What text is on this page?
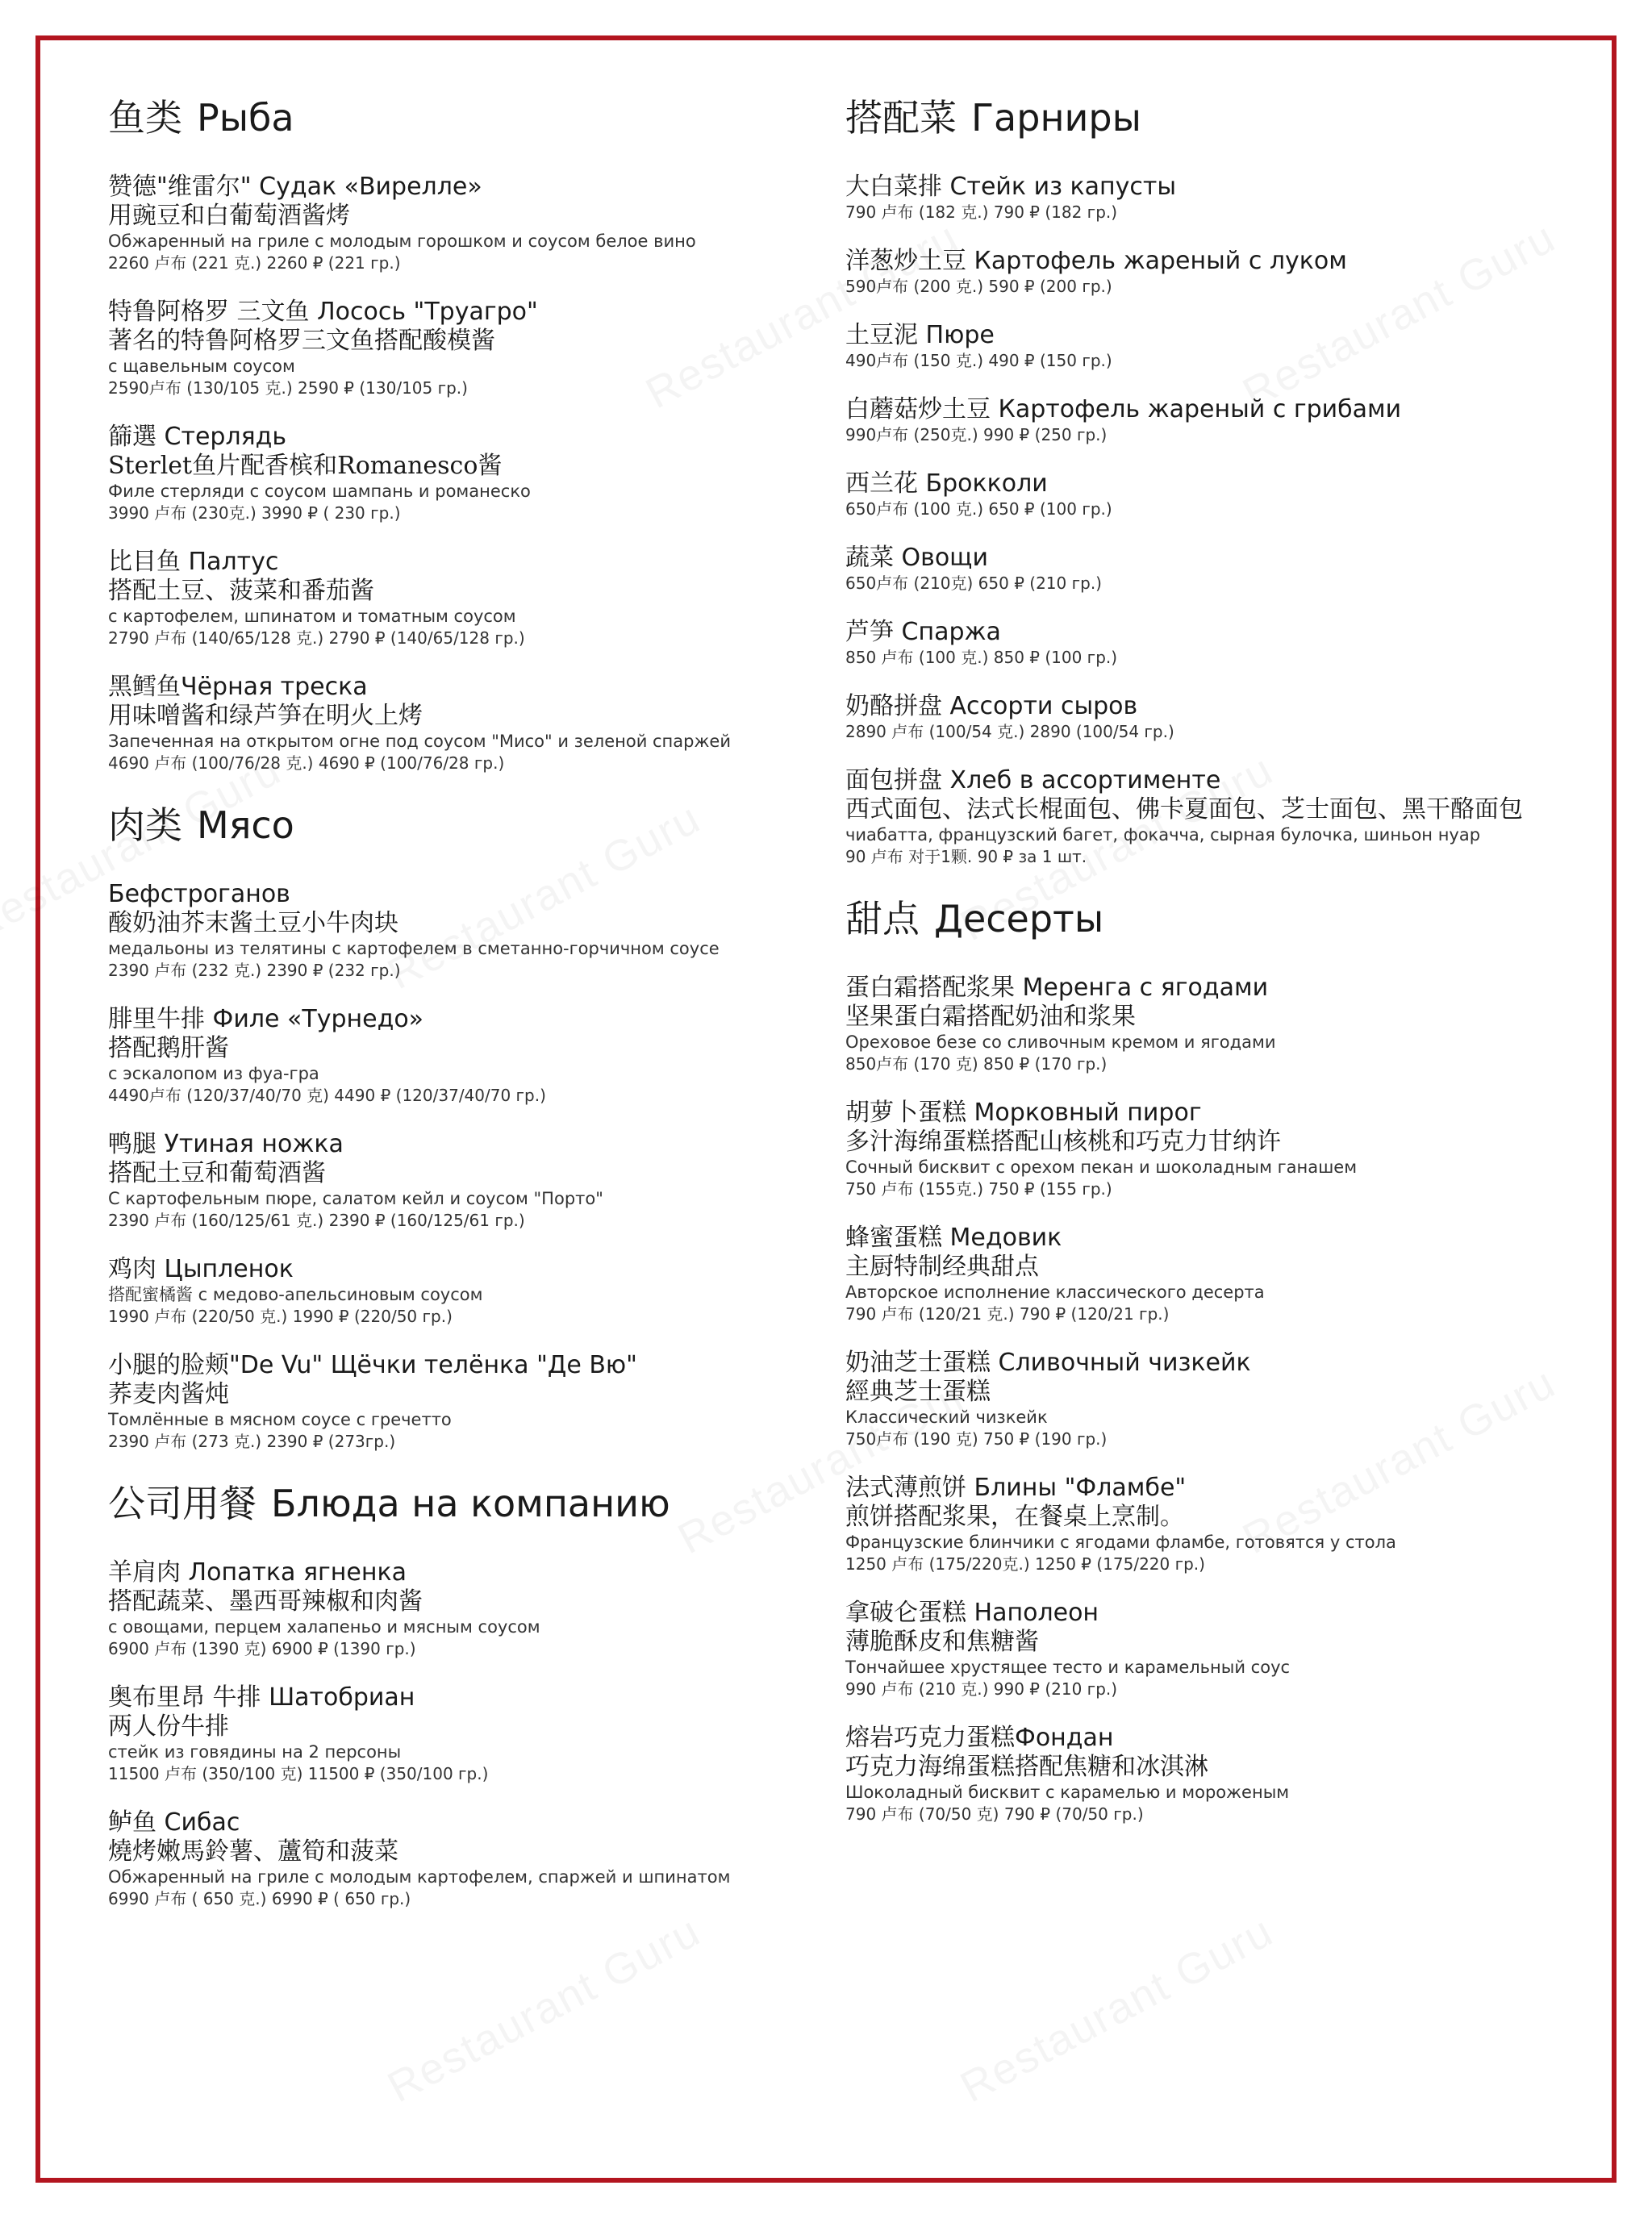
鱼类 Рыба
赞德"维雷尔" Судак «Вирелле»
用豌豆和白葡萄酒酱烤
Обжаренный на гриле с молодым горошком и соусом белое вино
2260 卢布 (221 克.) 2260 ₽ (221 гр.)
特鲁阿格罗 三文鱼 Лосось "Труагро"
著名的特鲁阿格罗三文鱼搭配酸模酱
с щавельным соусом
2590卢布 (130/105 克.) 2590 ₽ (130/105 гр.)
篩選 Стерлядь
Sterlet鱼片配香槟和Romanesco酱
Филе стерляди с соусом шампань и романеско
3990 卢布 (230克.) 3990 ₽ ( 230 гр.)
比目鱼 Палтус
搭配土豆、菠菜和番茄酱
с картофелем, шпинатом и томатным соусом
2790 卢布 (140/65/128 克.) 2790 ₽ (140/65/128 гр.)
黑鳕鱼Чёрная треска
用味噌酱和绿芦笋在明火上烤
Запеченная на открытом огне под соусом "Мисо" и зеленой спаржей
4690 卢布 (100/76/28 克.) 4690 ₽ (100/76/28 гр.)
肉类 Мясо
Бефстроганов
酸奶油芥末酱土豆小牛肉块
медальоны из телятины с картофелем в сметанно-горчичном соусе
2390 卢布 (232 克.) 2390 ₽ (232 гр.)
腓里牛排 Филе «Турнедо»
搭配鹅肝酱
с эскалопом из фуа-гра
4490卢布 (120/37/40/70 克) 4490 ₽ (120/37/40/70 гр.)
鸭腿 Утиная ножка
搭配土豆和葡萄酒酱
С картофельным пюре, салатом кейл и соусом "Порто"
2390 卢布 (160/125/61 克.) 2390 ₽ (160/125/61 гр.)
鸡肉 Цыпленок
搭配蜜橘酱 с медово-апельсиновым соусом
1990 卢布 (220/50 克.) 1990 ₽ (220/50 гр.)
小腿的脸颊"De Vu" Щёчки телёнка "Де Вю"
荞麦肉酱炖
Томлённые в мясном соусе с гречетто
2390 卢布 (273 克.) 2390 ₽ (273гр.)
公司用餐 Блюда на компанию
羊肩肉 Лопатка ягненка
搭配蔬菜、墨西哥辣椒和肉酱
с овощами, перцем халапеньо и мясным соусом
6900 卢布 (1390 克) 6900 ₽ (1390 гр.)
奥布里昂 牛排 Шатобриан
两人份牛排
стейк из говядины на 2 персоны
11500 卢布 (350/100 克) 11500 ₽ (350/100 гр.)
鲈鱼 Сибас
燒烤嫩馬鈴薯、蘆筍和菠菜
Обжаренный на гриле с молодым картофелем, спаржей и шпинатом
6990 卢布 ( 650 克.) 6990 ₽ ( 650 гр.)
搭配菜 Гарниры
大白菜排 Стейк из капусты
790 卢布 (182 克.) 790 ₽ (182 гр.)
洋葱炒土豆 Картофель жареный с луком
590卢布 (200 克.) 590 ₽ (200 гр.)
土豆泥 Пюре
490卢布 (150 克.) 490 ₽ (150 гр.)
白蘑菇炒土豆 Картофель жареный с грибами
990卢布 (250克.) 990 ₽ (250 гр.)
西兰花 Брокколи
650卢布 (100 克.) 650 ₽ (100 гр.)
蔬菜 Овощи
650卢布 (210克) 650 ₽ (210 гр.)
芦笋 Спаржа
850 卢布 (100 克.) 850 ₽ (100 гр.)
奶酪拼盘 Ассорти сыров
2890 卢布 (100/54 克.) 2890 (100/54 гр.)
面包拼盘 Хлеб в ассортименте
西式面包、法式长棍面包、佛卡夏面包、芝士面包、黑干酪面包
чиабатта, французский багет, фокачча, сырная булочка, шиньон нуар
90 卢布 对于1颗. 90 ₽ за 1 шт.
甜点 Десерты
蛋白霜搭配浆果 Меренга с ягодами
坚果蛋白霜搭配奶油和浆果
Ореховое безе со сливочным кремом и ягодами
850卢布 (170 克) 850 ₽ (170 гр.)
胡萝卜蛋糕 Морковный пирог
多汁海绵蛋糕搭配山核桃和巧克力甘纳许
Сочный бисквит с орехом пекан и шоколадным ганашем
750 卢布 (155克.) 750 ₽ (155 гр.)
蜂蜜蛋糕 Медовик
主厨特制经典甜点
Авторское исполнение классического десерта
790 卢布 (120/21 克.) 790 ₽ (120/21 гр.)
奶油芝士蛋糕 Сливочный чизкейк
經典芝士蛋糕
Классический чизкейк
750卢布 (190 克) 750 ₽ (190 гр.)
法式薄煎饼 Блины "Фламбе"
煎饼搭配浆果，在餐桌上烹制。
Французские блинчики с ягодами фламбе, готовятся у стола
1250 卢布 (175/220克.) 1250 ₽ (175/220 гр.)
拿破仑蛋糕 Наполеон
薄脆酥皮和焦糖酱
Тончайшее хрустящее тесто и карамельный соус
990 卢布 (210 克.) 990 ₽ (210 гр.)
熔岩巧克力蛋糕Фондан
巧克力海绵蛋糕搭配焦糖和冰淇淋
Шоколадный бисквит с карамелью и мороженым
790 卢布 (70/50 克) 790 ₽ (70/50 гр.)
